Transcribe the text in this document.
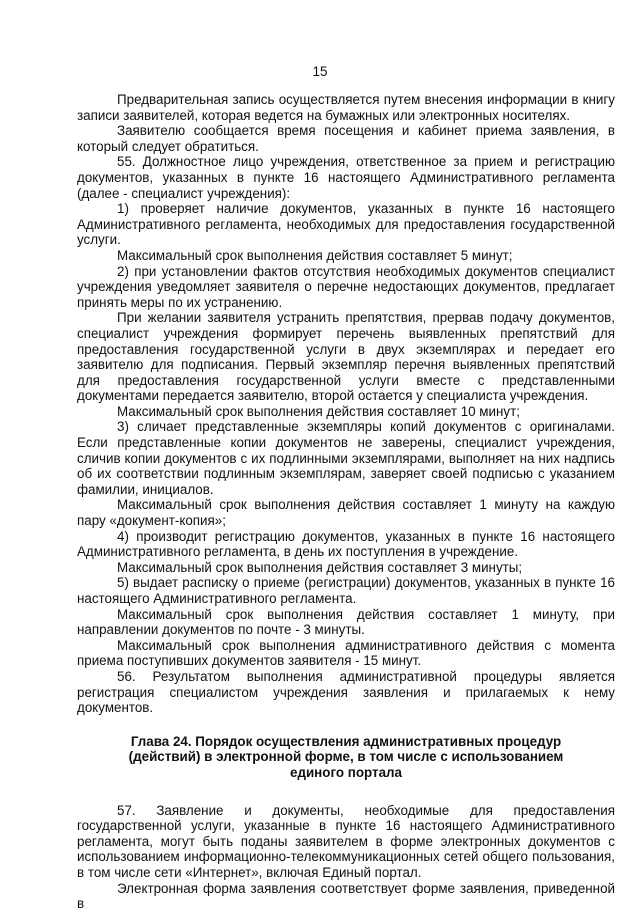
15

Предварительная запись осуществляется путем внесения информации в книгу записи заявителей, которая ведется на бумажных или электронных носителях.

Заявителю сообщается время посещения и кабинет приема заявления, в который следует обратиться.

55. Должностное лицо учреждения, ответственное за прием и регистрацию документов, указанных в пункте 16 настоящего Административного регламента (далее - специалист учреждения):

1) проверяет наличие документов, указанных в пункте 16 настоящего Административного регламента, необходимых для предоставления государственной услуги.

Максимальный срок выполнения действия составляет 5 минут;

2) при установлении фактов отсутствия необходимых документов специалист учреждения уведомляет заявителя о перечне недостающих документов, предлагает принять меры по их устранению.

При желании заявителя устранить препятствия, прервав подачу документов, специалист учреждения формирует перечень выявленных препятствий для предоставления государственной услуги в двух экземплярах и передает его заявителю для подписания. Первый экземпляр перечня выявленных препятствий для предоставления государственной услуги вместе с представленными документами передается заявителю, второй остается у специалиста учреждения.

Максимальный срок выполнения действия составляет 10 минут;

3) сличает представленные экземпляры копий документов с оригиналами. Если представленные копии документов не заверены, специалист учреждения, сличив копии документов с их подлинными экземплярами, выполняет на них надпись об их соответствии подлинным экземплярам, заверяет своей подписью с указанием фамилии, инициалов.

Максимальный срок выполнения действия составляет 1 минуту на каждую пару «документ-копия»;

4) производит регистрацию документов, указанных в пункте 16 настоящего Административного регламента, в день их поступления в учреждение.

Максимальный срок выполнения действия составляет 3 минуты;

5) выдает расписку о приеме (регистрации) документов, указанных в пункте 16 настоящего Административного регламента.

Максимальный срок выполнения действия составляет 1 минуту, при направлении документов по почте - 3 минуты.

Максимальный срок выполнения административного действия с момента приема поступивших документов заявителя - 15 минут.

56. Результатом выполнения административной процедуры является регистрация специалистом учреждения заявления и прилагаемых к нему документов.

Глава 24. Порядок осуществления административных процедур
(действий) в электронной форме, в том числе с использованием
единого портала

57. Заявление и документы, необходимые для предоставления государственной услуги, указанные в пункте 16 настоящего Административного регламента, могут быть поданы заявителем в форме электронных документов с использованием информационно-телекоммуникационных сетей общего пользования, в том числе сети «Интернет», включая Единый портал.

Электронная форма заявления соответствует форме заявления, приведенной в
